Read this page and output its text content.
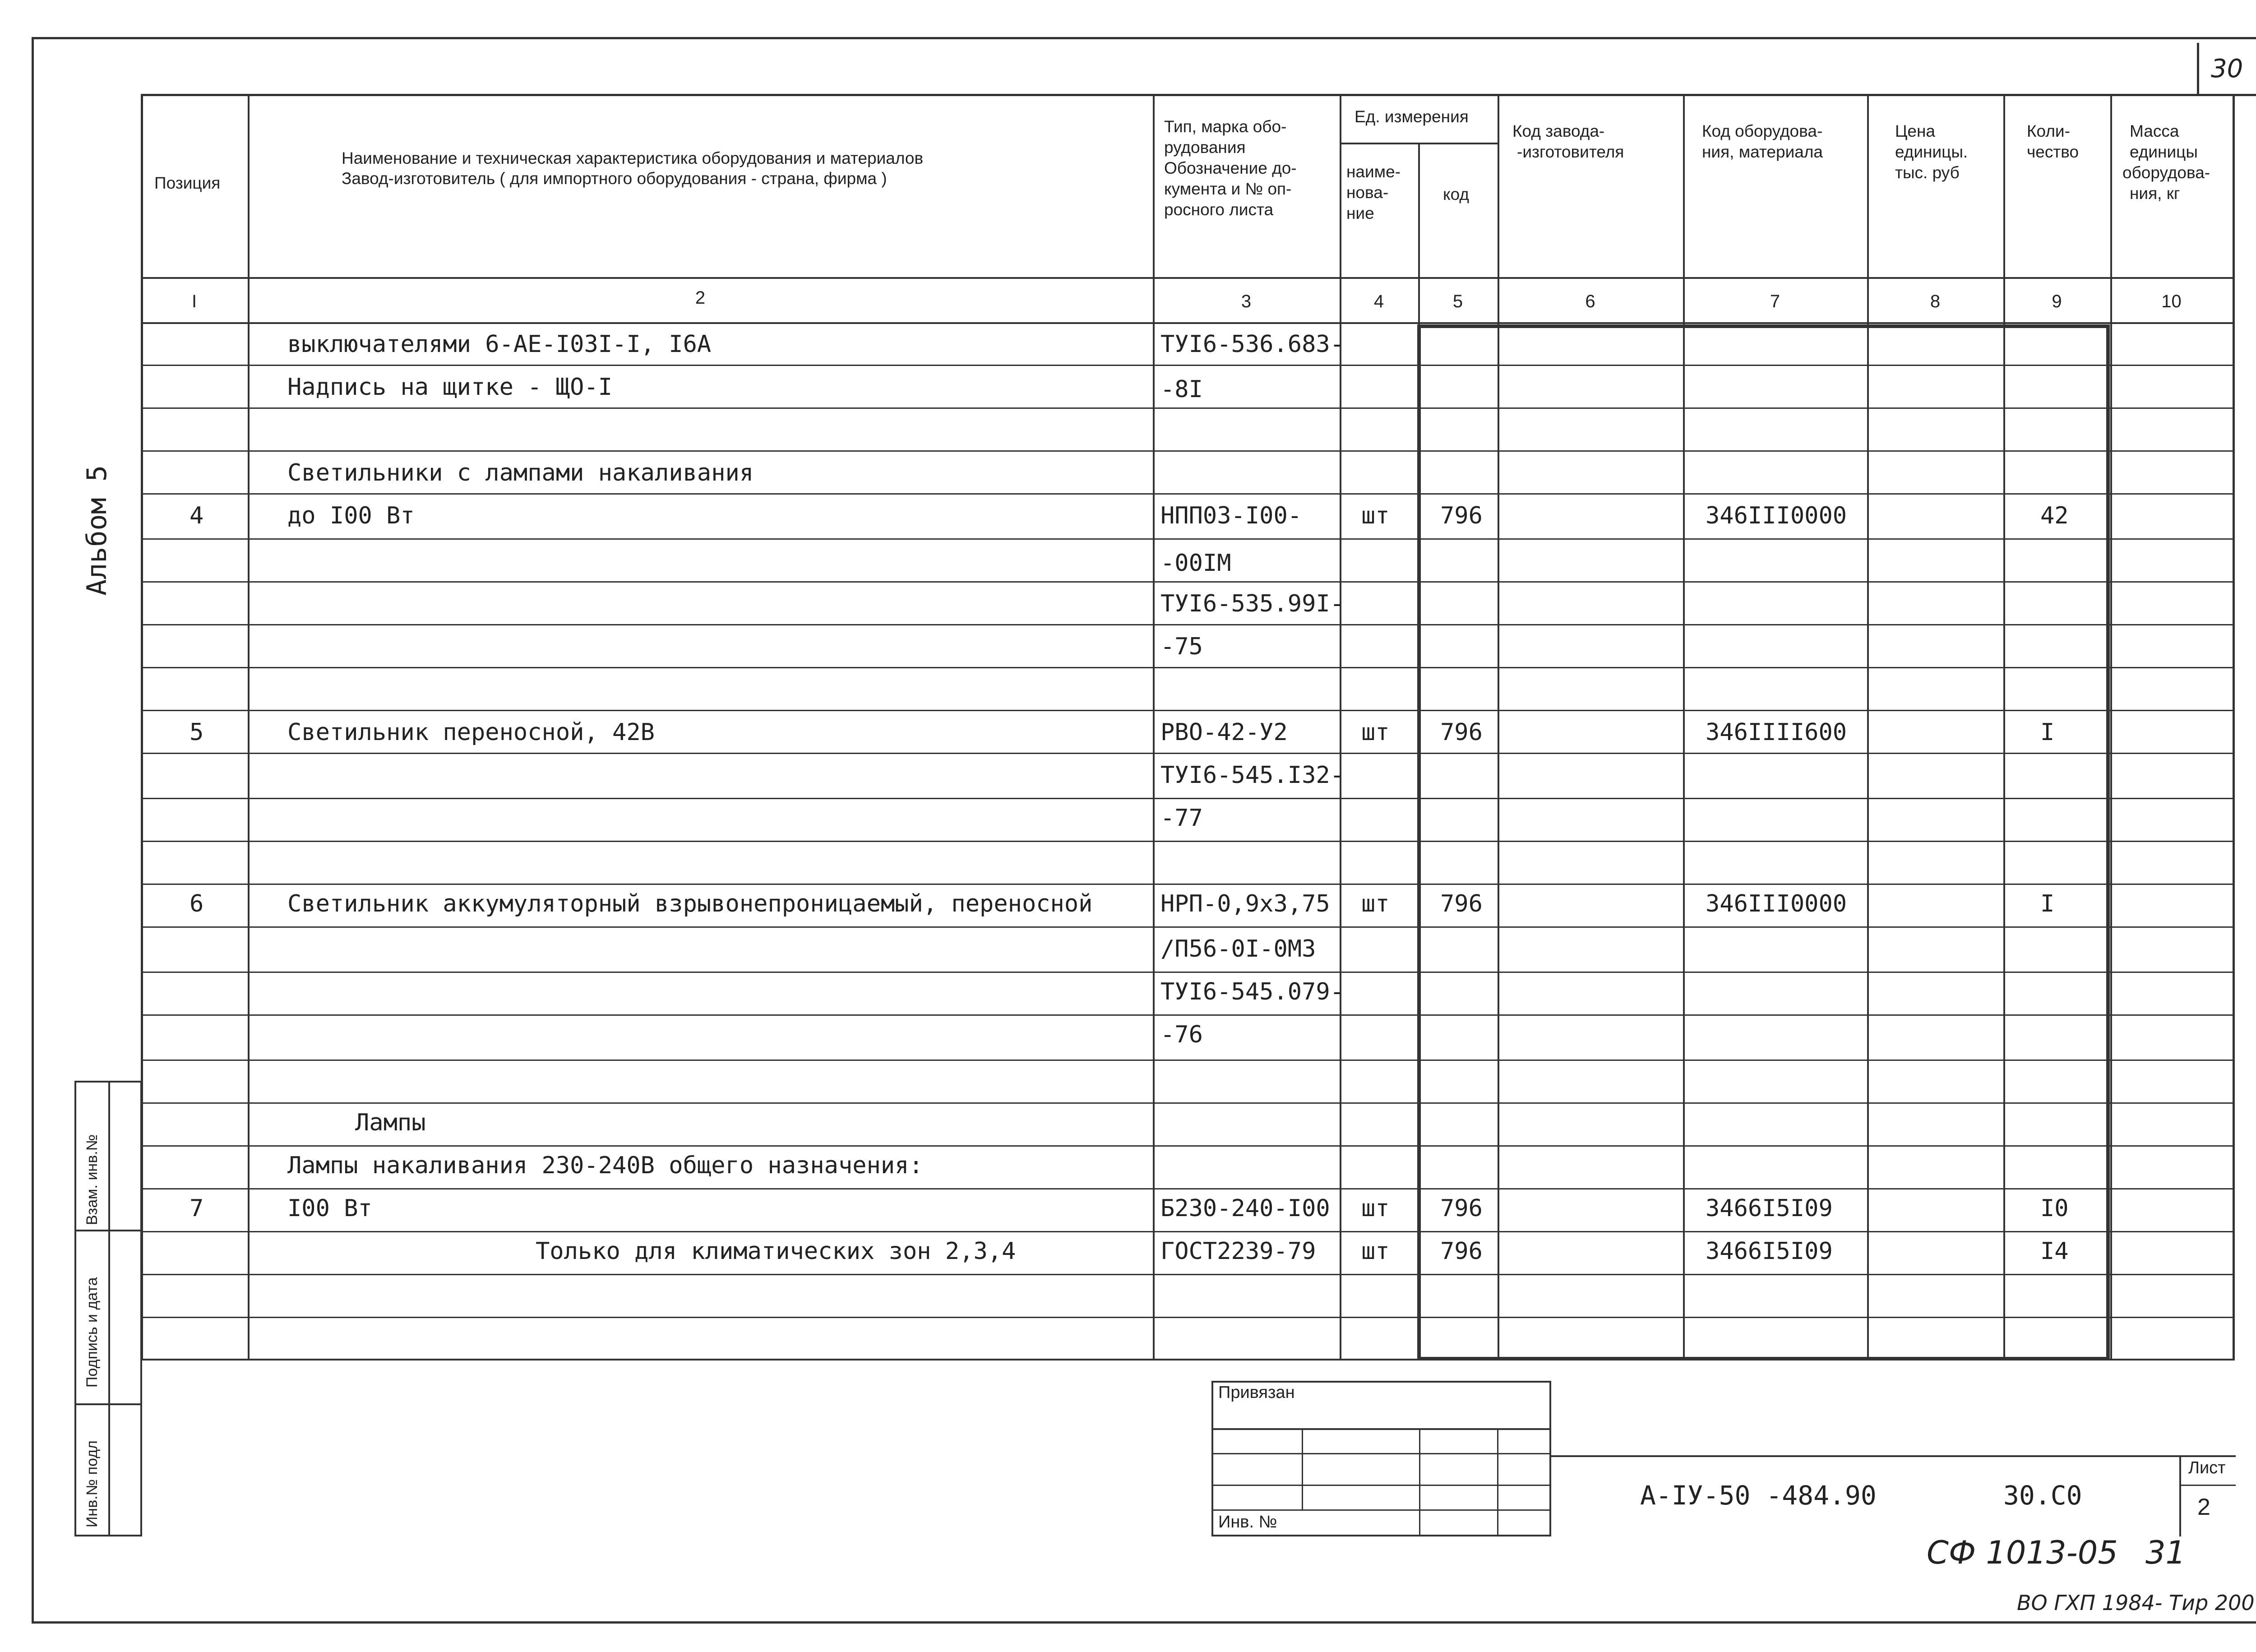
30
Альбом 5
Позиция
Наименование и техническая характеристика оборудования и материалов
Завод-изготовитель ( для импортного оборудования - страна, фирма )
Тип, марка обо-
рудования
Обозначение до-
кумента и № оп-
росного листа
Ед. измерения
наиме-
нова-
ние
код
Код завода-
-изготовителя
Код оборудова-
ния, материала
Цена
единицы.
тыс. руб
Коли-
чество
Масса
единицы
оборудова-
ния, кг
I	2	3	4	5	6	7	8	9	10
выключателями 6-АЕ-I03I-I, I6А	ТУI6-536.683-
Надпись на щитке - ЩО-I	-8I
Светильники с лампами накаливания
4	до I00 Вт	НПП03-I00-	шт 796	346III0000	42
-00IМ
ТУI6-535.99I-
-75
5	Светильник переносной, 42В	РВО-42-У2	шт 796	346IIII600	I
ТУI6-545.I32-
-77
6	Светильник аккумуляторный взрывонепроницаемый, переносной	НРП-0,9х3,75 шт 796	346III0000	I
/П56-0I-0М3
ТУI6-545.079-
-76
Лампы
Лампы накаливания 230-240В общего назначения:
7	I00 Вт	Б230-240-I00 шт 796	3466I5I09	I0
Только для климатических зон 2,3,4	ГОСТ2239-79 шт 796	3466I5I09	I4
Взам. инв.№
Подпись и дата
Инв.№ подл
Привязан
Инв. №
А-IУ-50 -484.90	30.С0
Лист
2
СФ 1013-05 31
ВО ГХП 1984- Тир 200
